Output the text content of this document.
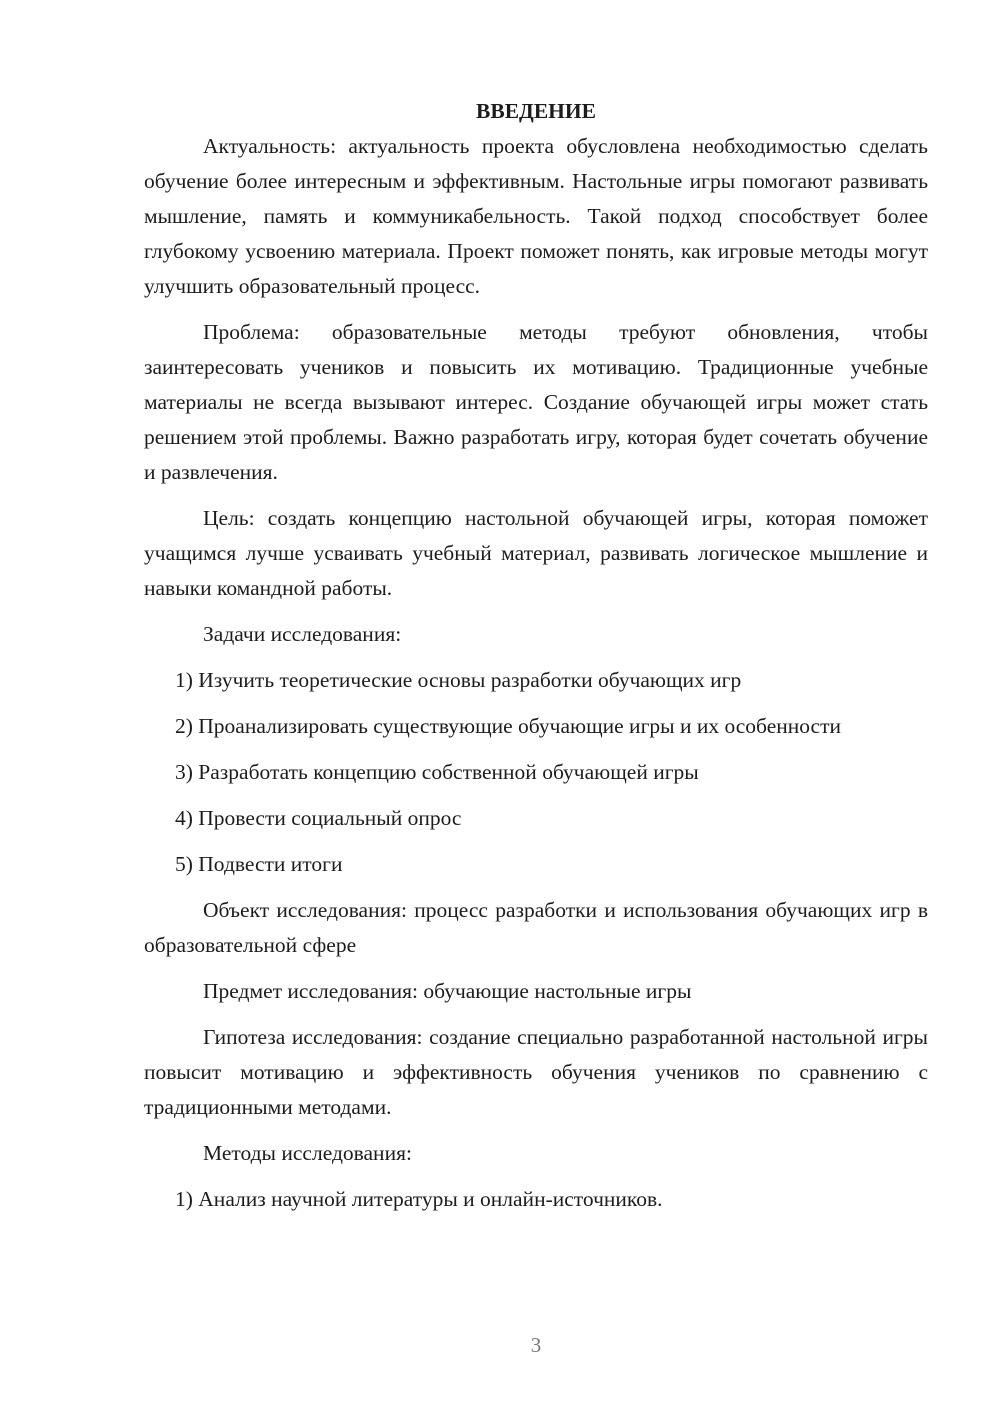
ВВЕДЕНИЕ

Актуальность: актуальность проекта обусловлена необходимостью сделать обучение более интересным и эффективным. Настольные игры помогают развивать мышление, память и коммуникабельность. Такой подход способствует более глубокому усвоению материала. Проект поможет понять, как игровые методы могут улучшить образовательный процесс.

Проблема: образовательные методы требуют обновления, чтобы заинтересовать учеников и повысить их мотивацию. Традиционные учебные материалы не всегда вызывают интерес. Создание обучающей игры может стать решением этой проблемы. Важно разработать игру, которая будет сочетать обучение и развлечения.

Цель: создать концепцию настольной обучающей игры, которая поможет учащимся лучше усваивать учебный материал, развивать логическое мышление и навыки командной работы.

Задачи исследования:

1) Изучить теоретические основы разработки обучающих игр

2) Проанализировать существующие обучающие игры и их особенности

3) Разработать концепцию собственной обучающей игры

4) Провести социальный опрос

5) Подвести итоги

Объект исследования: процесс разработки и использования обучающих игр в образовательной сфере

Предмет исследования: обучающие настольные игры

Гипотеза исследования: создание специально разработанной настольной игры повысит мотивацию и эффективность обучения учеников по сравнению с традиционными методами.

Методы исследования:

1) Анализ научной литературы и онлайн-источников.

3
